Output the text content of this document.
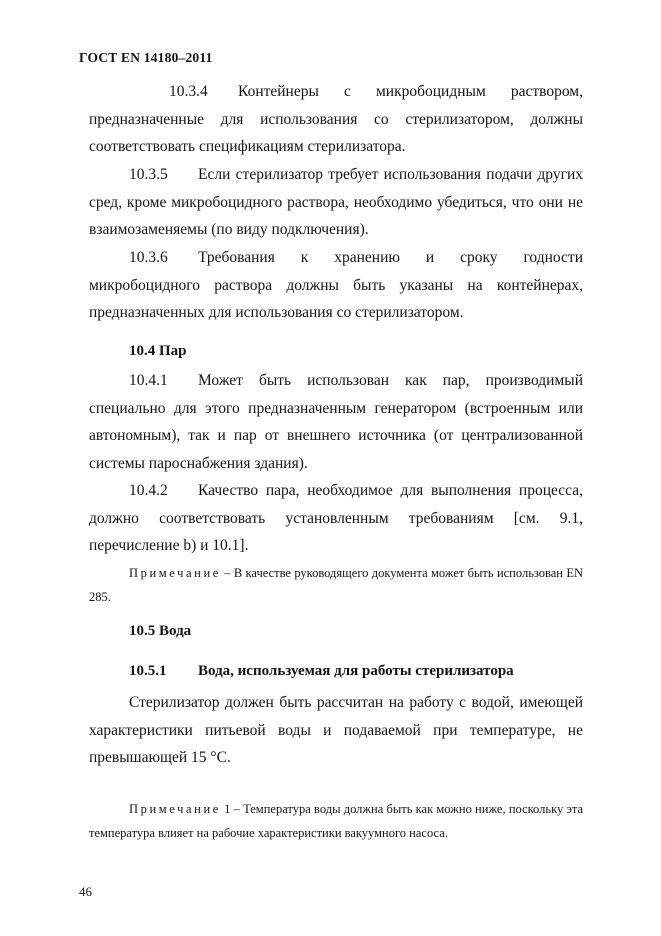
ГОСТ EN 14180–2011
10.3.4 Контейнеры с микробоцидным раствором, предназначенные для использования со стерилизатором, должны соответствовать спецификациям стерилизатора.
10.3.5 Если стерилизатор требует использования подачи других сред, кроме микробоцидного раствора, необходимо убедиться, что они не взаимозаменяемы (по виду подключения).
10.3.6 Требования к хранению и сроку годности микробоцидного раствора должны быть указаны на контейнерах, предназначенных для использования со стерилизатором.
10.4 Пар
10.4.1 Может быть использован как пар, производимый специально для этого предназначенным генератором (встроенным или автономным), так и пар от внешнего источника (от централизованной системы пароснабжения здания).
10.4.2 Качество пара, необходимое для выполнения процесса, должно соответствовать установленным требованиям [см. 9.1, перечисление b) и 10.1].
Примечание – В качестве руководящего документа может быть использован EN 285.
10.5 Вода
10.5.1 Вода, используемая для работы стерилизатора
Стерилизатор должен быть рассчитан на работу с водой, имеющей характеристики питьевой воды и подаваемой при температуре, не превышающей 15 °С.
Примечание 1 – Температура воды должна быть как можно ниже, поскольку эта температура влияет на рабочие характеристики вакуумного насоса.
46
